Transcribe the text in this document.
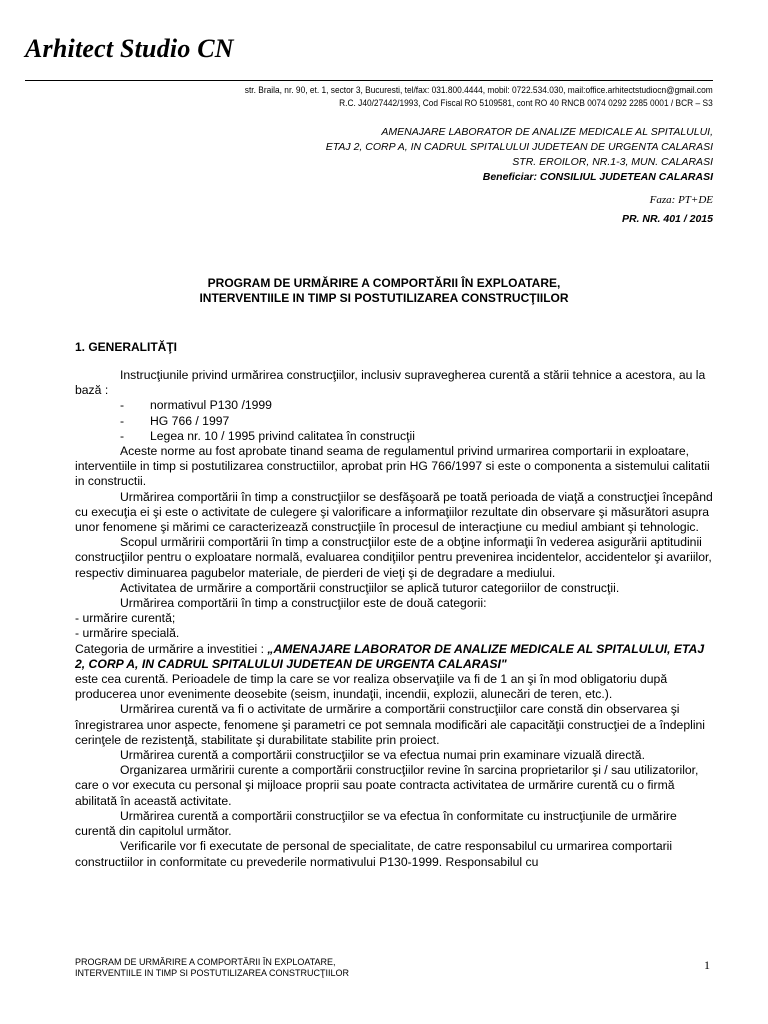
Arhitect Studio CN
str. Braila, nr. 90, et. 1, sector 3, Bucuresti, tel/fax: 031.800.4444, mobil: 0722.534.030, mail:office.arhitectstudiocn@gmail.com
R.C. J40/27442/1993, Cod Fiscal RO 5109581, cont RO 40 RNCB 0074 0292 2285 0001 / BCR – S3
AMENAJARE LABORATOR DE ANALIZE MEDICALE AL SPITALULUI,
ETAJ 2, CORP A, IN CADRUL SPITALULUI JUDETEAN DE URGENTA CALARASI
STR. EROILOR, NR.1-3, MUN. CALARASI
Beneficiar: CONSILIUL JUDETEAN CALARASI
Faza: PT+DE
PR. NR. 401 / 2015
PROGRAM DE URMĂRIRE A COMPORTĂRII ÎN EXPLOATARE,
INTERVENTIILE IN TIMP SI POSTUTILIZAREA CONSTRUCŢIILOR
1. GENERALITĂŢI

Instrucţiunile privind urmărirea construcţiilor, inclusiv supravegherea curentă a stării tehnice a acestora, au la bază :

- normativul P130 /1999

- HG 766 / 1997

- Legea nr. 10 / 1995 privind calitatea în construcţii

Aceste norme au fost aprobate tinand seama de regulamentul privind urmarirea comportarii in exploatare, interventiile in timp si postutilizarea constructiilor, aprobat prin HG 766/1997 si este o componenta a sistemului calitatii in constructii.

Urmărirea comportării în timp a construcţiilor se desfăşoară pe toată perioada de viaţă a construcţiei începând cu execuţia ei şi este o activitate de culegere şi valorificare a informaţiilor rezultate din observare şi măsurători asupra unor fenomene şi mărimi ce caracterizează construcţiile în procesul de interacţiune cu mediul ambiant şi tehnologic.

Scopul urmăririi comportării în timp a construcţiilor este de a obţine informaţii în vederea asigurării aptitudinii construcţiilor pentru o exploatare normală, evaluarea condiţiilor pentru prevenirea incidentelor, accidentelor şi avariilor, respectiv diminuarea pagubelor materiale, de pierderi de vieţi şi de degradare a mediului.

Activitatea de urmărire a comportării construcţiilor se aplică tuturor categoriilor de construcţii.

Urmărirea comportării în timp a construcţiilor este de două categorii:

- urmărire curentă;

- urmărire specială.

Categoria de urmărire a investitiei : „AMENAJARE LABORATOR DE ANALIZE MEDICALE AL SPITALULUI, ETAJ 2, CORP A, IN CADRUL SPITALULUI JUDETEAN DE URGENTA CALARASI"

este cea curentă. Perioadele de timp la care se vor realiza observaţiile va fi de 1 an şi în mod obligatoriu după producerea unor evenimente deosebite (seism, inundaţii, incendii, explozii, alunecări de teren, etc.).

Urmărirea curentă va fi o activitate de urmărire a comportării construcţiilor care constă din observarea şi înregistrarea unor aspecte, fenomene şi parametri ce pot semnala modificări ale capacităţii construcţiei de a îndeplini cerinţele de rezistenţă, stabilitate şi durabilitate stabilite prin proiect.

Urmărirea curentă a comportării construcţiilor se va efectua numai prin examinare vizuală directă.

Organizarea urmăririi curente a comportării construcţiilor revine în sarcina proprietarilor şi / sau utilizatorilor, care o vor executa cu personal şi mijloace proprii sau poate contracta activitatea de urmărire curentă cu o firmă abilitată în această activitate.

Urmărirea curentă a comportării construcţiilor se va efectua în conformitate cu instrucţiunile de urmărire curentă din capitolul următor.

Verificarile vor fi executate de personal de specialitate, de catre responsabilul cu urmarirea comportarii constructiilor in conformitate cu prevederile normativului P130-1999. Responsabilul cu

PROGRAM DE URMĂRIRE A COMPORTĂRII ÎN EXPLOATARE,
INTERVENTIILE IN TIMP SI POSTUTILIZAREA CONSTRUCŢIILOR
1
